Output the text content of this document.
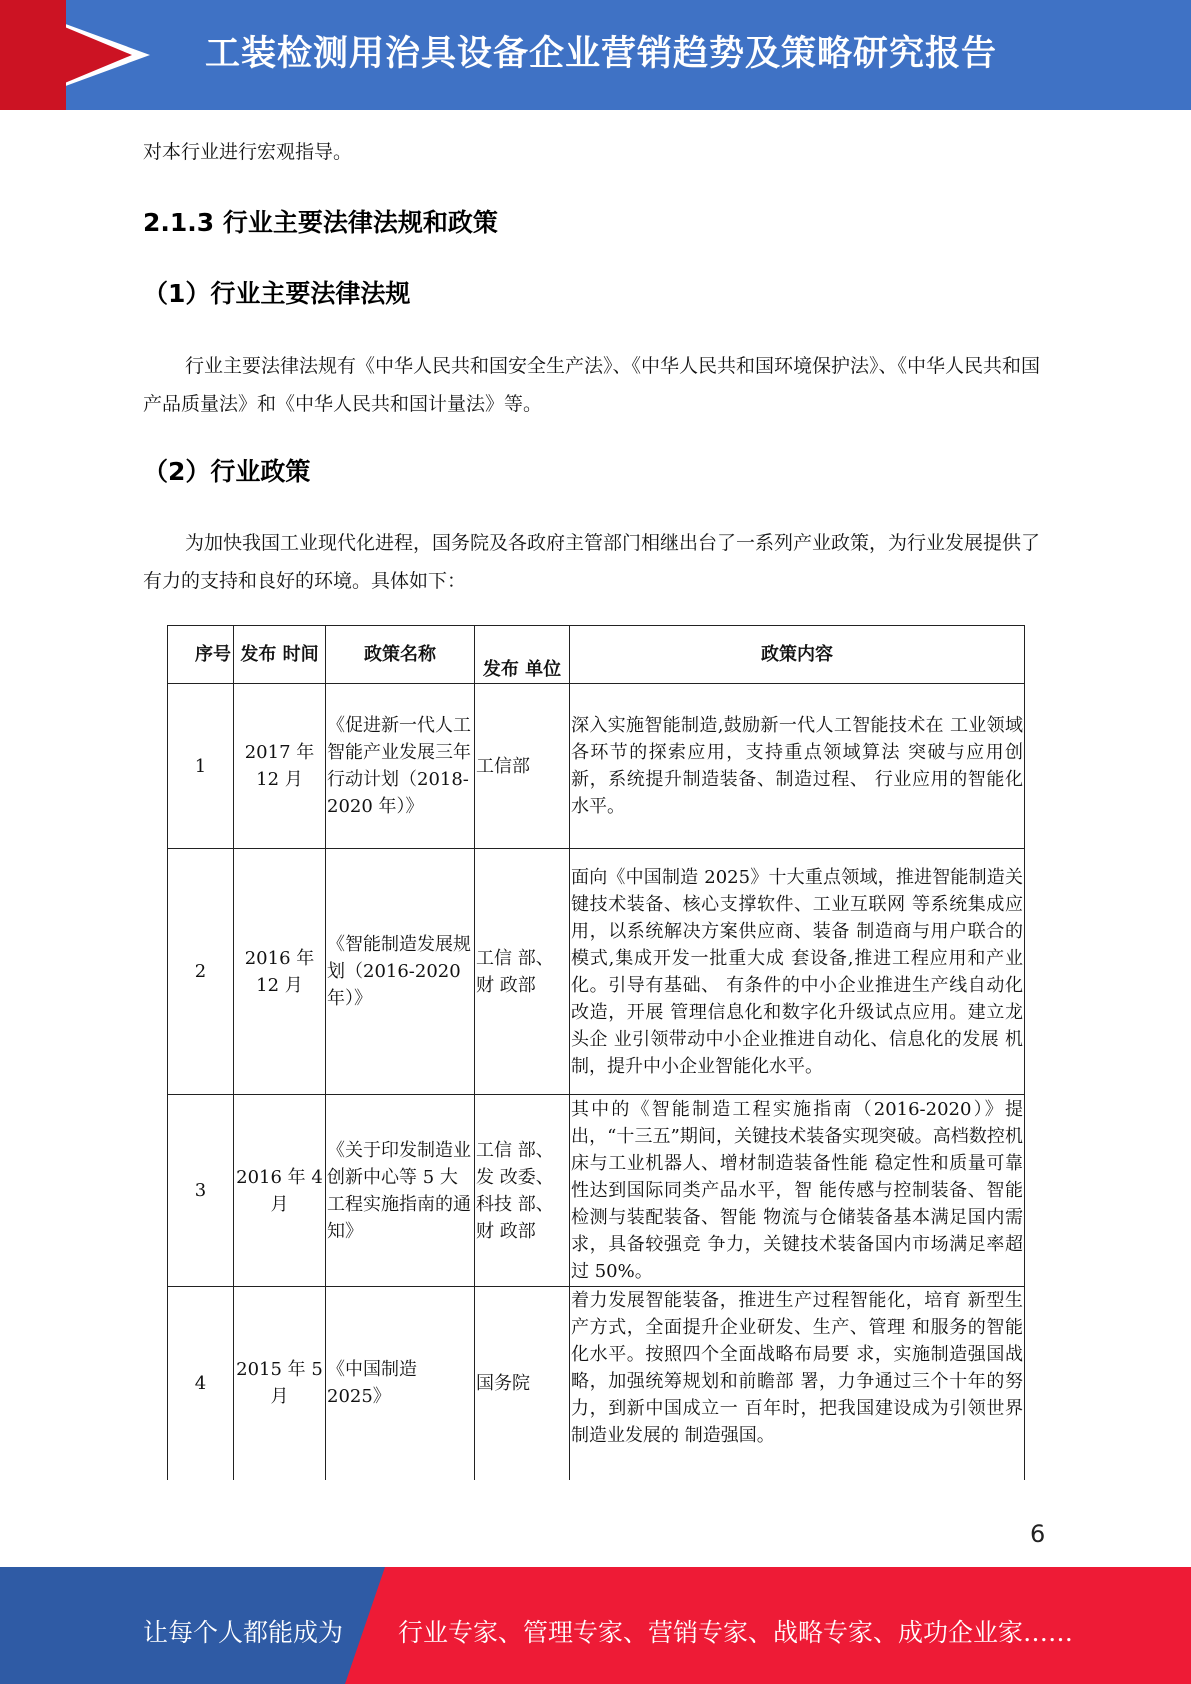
工装检测用治具设备企业营销趋势及策略研究报告
对本行业进行宏观指导。
2.1.3 行业主要法律法规和政策
（1）行业主要法律法规
行业主要法律法规有《中华人民共和国安全生产法》、《中华人民共和国环境保护法》、《中华人民共和国产品质量法》和《中华人民共和国计量法》等。
（2）行业政策
为加快我国工业现代化进程，国务院及各政府主管部门相继出台了一系列产业政策，为行业发展提供了有力的支持和良好的环境。具体如下：
序号	发布 时间	政策名称	发布 单位	政策内容
1	2017 年 12 月	《促进新一代人工智能产业发展三年行动计划（2018-2020 年）》	工信部	深入实施智能制造,鼓励新一代人工智能技术在 工业领域各环节的探索应用，支持重点领域算法 突破与应用创新，系统提升制造装备、制造过程、 行业应用的智能化水平。
2	2016 年 12 月	《智能制造发展规划（2016-2020 年）》	工信 部、财 政部	面向《中国制造 2025》十大重点领域，推进智能制造关键技术装备、核心支撑软件、工业互联网 等系统集成应用，以系统解决方案供应商、装备 制造商与用户联合的模式,集成开发一批重大成 套设备,推进工程应用和产业化。引导有基础、 有条件的中小企业推进生产线自动化改造，开展 管理信息化和数字化升级试点应用。建立龙头企 业引领带动中小企业推进自动化、信息化的发展 机制，提升中小企业智能化水平。
3	2016 年 4 月	《关于印发制造业创新中心等 5 大工程实施指南的通知》	工信 部、发 改委、科技 部、财 政部	其中的《智能制造工程实施指南（2016-2020）》提出，“十三五”期间，关键技术装备实现突破。高档数控机床与工业机器人、增材制造装备性能 稳定性和质量可靠性达到国际同类产品水平，智 能传感与控制装备、智能检测与装配装备、智能 物流与仓储装备基本满足国内需求，具备较强竞 争力，关键技术装备国内市场满足率超过 50%。
4	2015 年 5 月	《中国制造 2025》	国务院	着力发展智能装备，推进生产过程智能化，培育 新型生产方式，全面提升企业研发、生产、管理 和服务的智能化水平。按照四个全面战略布局要 求，实施制造强国战略，加强统筹规划和前瞻部 署，力争通过三个十年的努力，到新中国成立一 百年时，把我国建设成为引领世界制造业发展的 制造强国。
6
让每个人都能成为 行业专家、管理专家、营销专家、战略专家、成功企业家……
